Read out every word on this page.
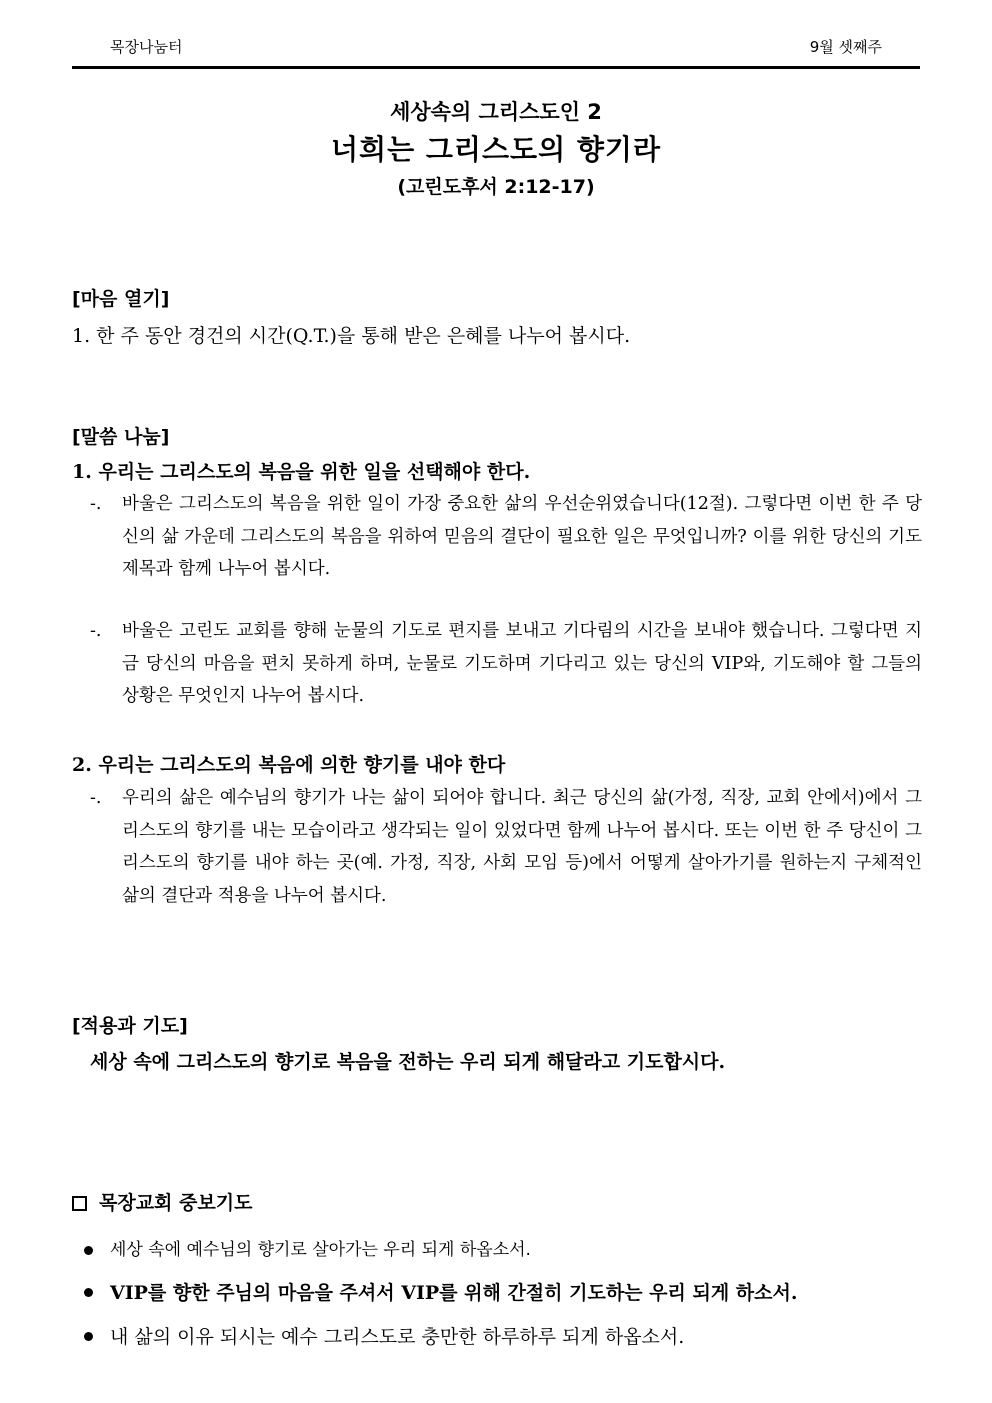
목장나눔터	9월 셋째주
세상속의 그리스도인 2
너희는 그리스도의 향기라
(고린도후서 2:12-17)
[마음 열기]
1. 한 주 동안 경건의 시간(Q.T.)을 통해 받은 은혜를 나누어 봅시다.
[말씀 나눔]
1. 우리는 그리스도의 복음을 위한 일을 선택해야 한다.
-. 바울은 그리스도의 복음을 위한 일이 가장 중요한 삶의 우선순위였습니다(12절). 그렇다면 이번 한 주 당신의 삶 가운데 그리스도의 복음을 위하여 믿음의 결단이 필요한 일은 무엇입니까? 이를 위한 당신의 기도 제목과 함께 나누어 봅시다.
-. 바울은 고린도 교회를 향해 눈물의 기도로 편지를 보내고 기다림의 시간을 보내야 했습니다. 그렇다면 지금 당신의 마음을 편치 못하게 하며, 눈물로 기도하며 기다리고 있는 당신의 VIP와, 기도해야 할 그들의 상황은 무엇인지 나누어 봅시다.
2. 우리는 그리스도의 복음에 의한 향기를 내야 한다
-. 우리의 삶은 예수님의 향기가 나는 삶이 되어야 합니다. 최근 당신의 삶(가정, 직장, 교회 안에서)에서 그리스도의 향기를 내는 모습이라고 생각되는 일이 있었다면 함께 나누어 봅시다. 또는 이번 한 주 당신이 그리스도의 향기를 내야 하는 곳(예. 가정, 직장, 사회 모임 등)에서 어떻게 살아가기를 원하는지 구체적인 삶의 결단과 적용을 나누어 봅시다.
[적용과 기도]
세상 속에 그리스도의 향기로 복음을 전하는 우리 되게 해달라고 기도합시다.
목장교회 중보기도
세상 속에 예수님의 향기로 살아가는 우리 되게 하옵소서.
VIP를 향한 주님의 마음을 주셔서 VIP를 위해 간절히 기도하는 우리 되게 하소서.
내 삶의 이유 되시는 예수 그리스도로 충만한 하루하루 되게 하옵소서.
